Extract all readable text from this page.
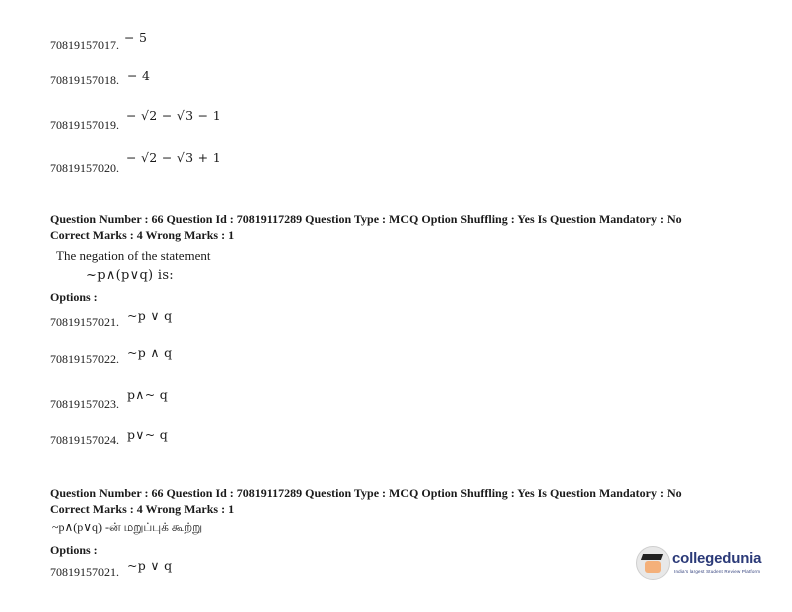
70819157017. − 5
70819157018. − 4
70819157019.
− √2 − √3 − 1
70819157020.
− √2 − √3 + 1
Question Number : 66 Question Id : 70819117289 Question Type : MCQ Option Shuffling : Yes Is Question Mandatory : No
Correct Marks : 4 Wrong Marks : 1
The negation of the statement
~p∧(p∨q) is:
Options :
70819157021. ~p ∨ q
70819157022. ~p ∧ q
70819157023.
p∧~ q
70819157024. p∨~ q
Question Number : 66 Question Id : 70819117289 Question Type : MCQ Option Shuffling : Yes Is Question Mandatory : No
Correct Marks : 4 Wrong Marks : 1
~p∧(p∨q) -ன் மறுப்புக் கூற்று
Options :
70819157021. ~p ∨ q	collegedunia
India's largest Student Review Platform
